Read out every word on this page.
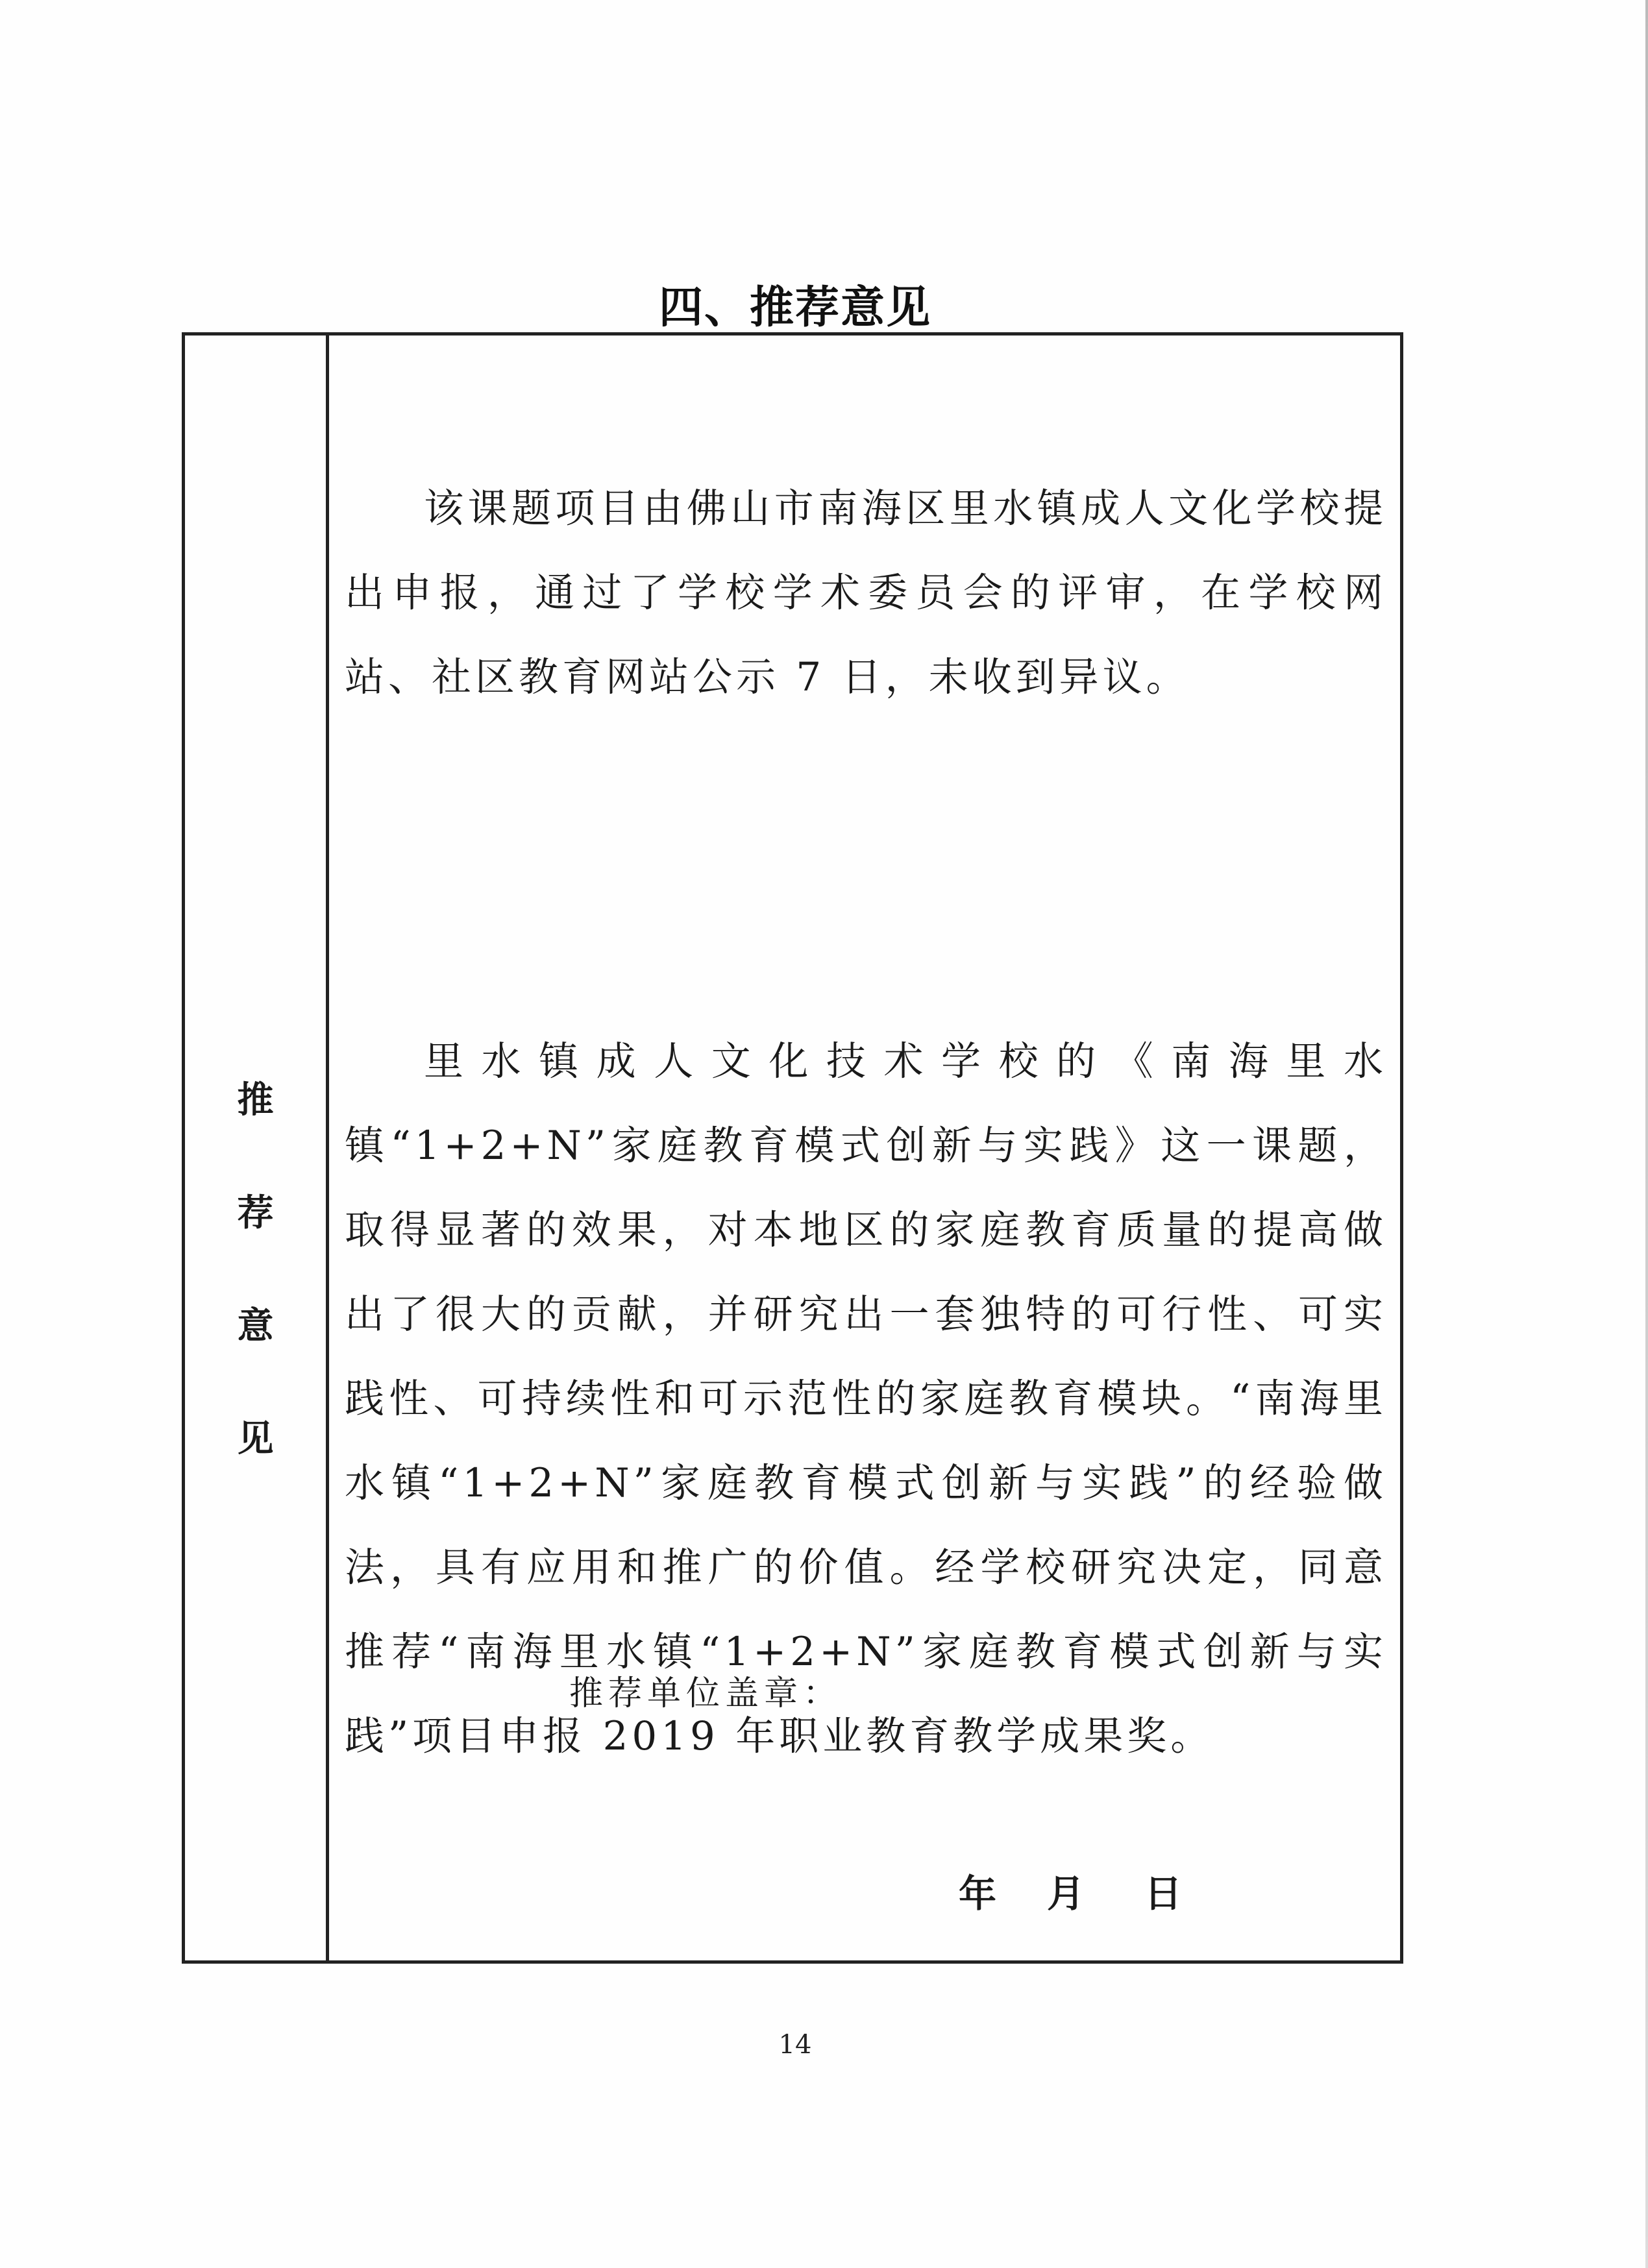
四、推荐意见
推
荐
意
见

该课题项目由佛山市南海区里水镇成人文化学校提出申报，通过了学校学术委员会的评审，在学校网站、社区教育网站公示 7 日，未收到异议。

里水镇成人文化技术学校的《南海里水镇“1+2+N”家庭教育模式创新与实践》这一课题，取得显著的效果，对本地区的家庭教育质量的提高做出了很大的贡献，并研究出一套独特的可行性、可实践性、可持续性和可示范性的家庭教育模块。“南海里水镇“1+2+N”家庭教育模式创新与实践”的经验做法，具有应用和推广的价值。经学校研究决定，同意推荐“南海里水镇“1+2+N”家庭教育模式创新与实践”项目申报 2019 年职业教育教学成果奖。

推荐单位盖章：
年	月	日
14
